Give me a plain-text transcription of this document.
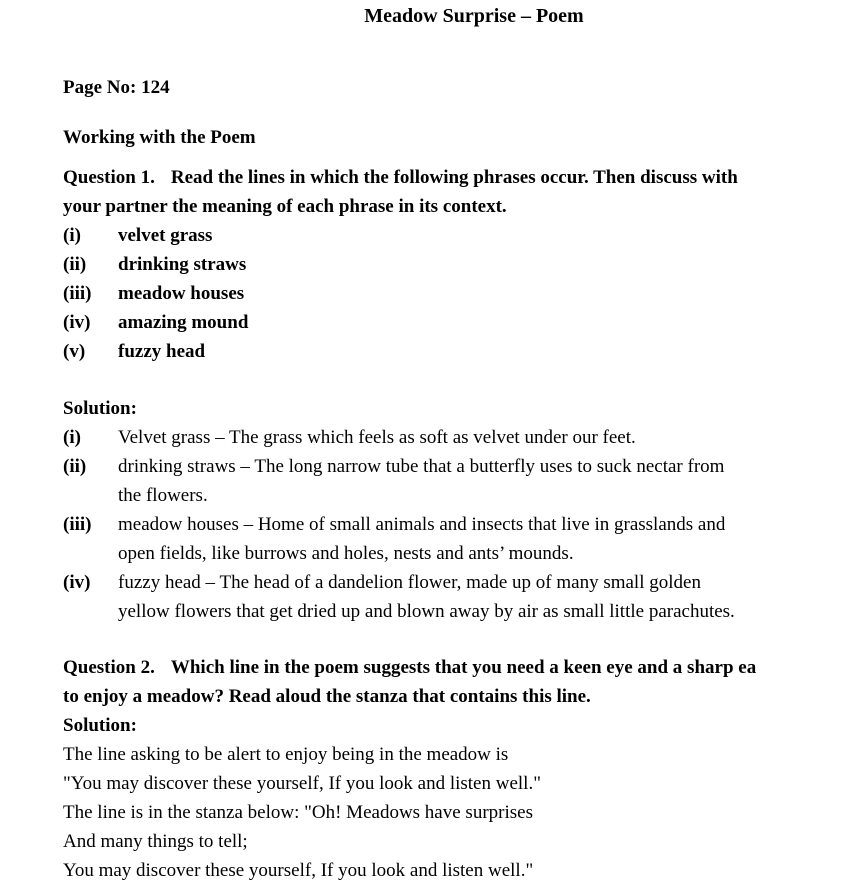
Meadow Surprise – Poem
Page No: 124
Working with the Poem
Question 1. Read the lines in which the following phrases occur. Then discuss with
your partner the meaning of each phrase in its context.
(i)	velvet grass
(ii)	drinking straws
(iii)	meadow houses
(iv)	amazing mound
(v)	fuzzy head
Solution:
(i)	Velvet grass – The grass which feels as soft as velvet under our feet.
(ii)	drinking straws – The long narrow tube that a butterfly uses to suck nectar from
the flowers.
(iii)	meadow houses – Home of small animals and insects that live in grasslands and
open fields, like burrows and holes, nests and ants’ mounds.
(iv)	fuzzy head – The head of a dandelion flower, made up of many small golden
yellow flowers that get dried up and blown away by air as small little parachutes.
Question 2. Which line in the poem suggests that you need a keen eye and a sharp ea
to enjoy a meadow? Read aloud the stanza that contains this line.
Solution:
The line asking to be alert to enjoy being in the meadow is
"You may discover these yourself, If you look and listen well."
The line is in the stanza below: "Oh! Meadows have surprises
And many things to tell;
You may discover these yourself, If you look and listen well."
